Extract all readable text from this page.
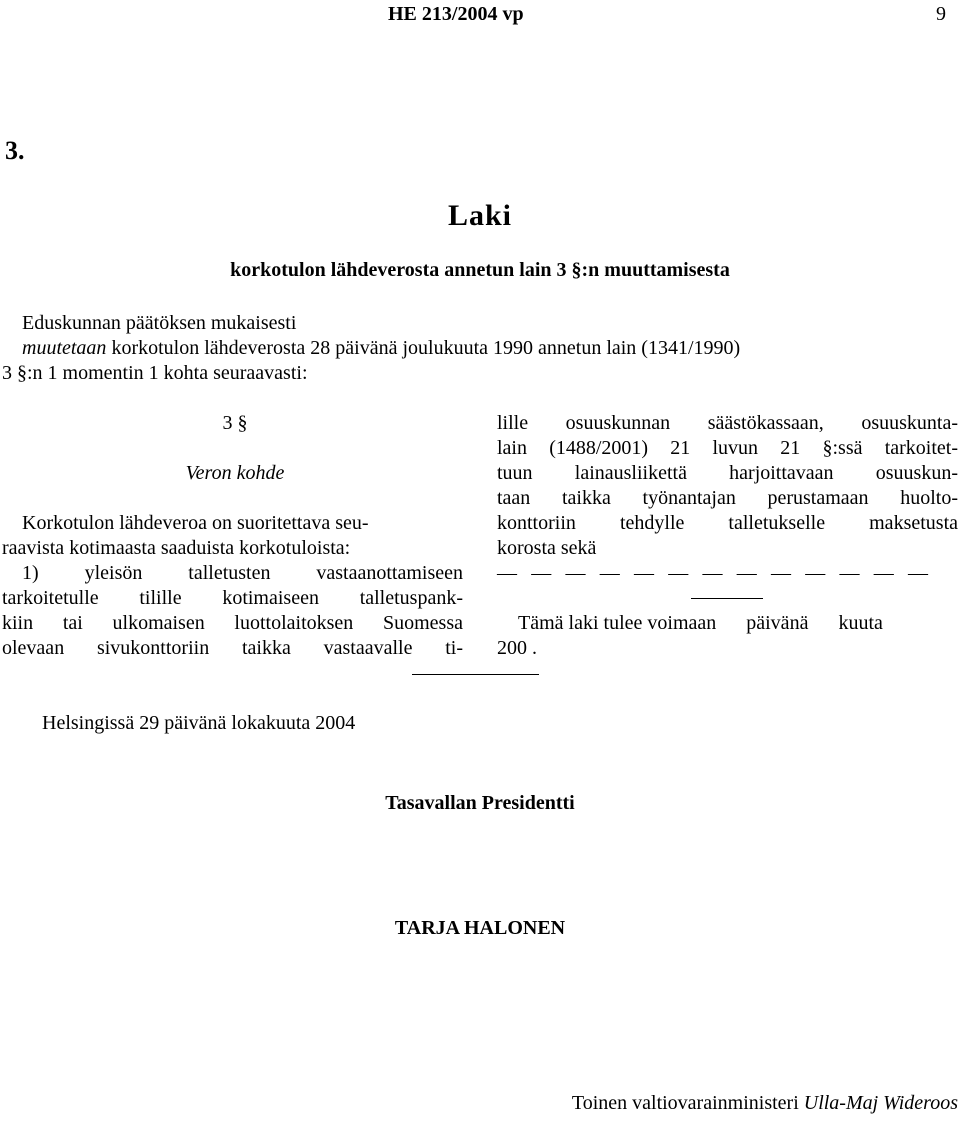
HE 213/2004 vp	9
3.
Laki
korkotulon lähdeverosta annetun lain 3 §:n muuttamisesta
Eduskunnan päätöksen mukaisesti
muutetaan korkotulon lähdeverosta 28 päivänä joulukuuta 1990 annetun lain (1341/1990)
3 §:n 1 momentin 1 kohta seuraavasti:
3 §
Veron kohde
Korkotulon lähdeveroa on suoritettava seu-
raavista kotimaasta saaduista korkotuloista:
1) yleisön talletusten vastaanottamiseen
tarkoitetulle tilille kotimaiseen talletuspank-
kiin tai ulkomaisen luottolaitoksen Suomessa
olevaan sivukonttoriin taikka vastaavalle ti-
lille osuuskunnan säästökassaan, osuuskunta-
lain (1488/2001) 21 luvun 21 §:ssä tarkoitet-
tuun lainausliikettä harjoittavaan osuuskun-
taan taikka työnantajan perustamaan huolto-
konttoriin tehdylle talletukselle maksetusta
korosta sekä
— — — — — — — — — — — — —
Tämä laki tulee voimaan      päivänä      kuuta
200 .
Helsingissä 29 päivänä lokakuuta 2004
Tasavallan Presidentti
TARJA HALONEN
Toinen valtiovarainministeri Ulla-Maj Wideroos
